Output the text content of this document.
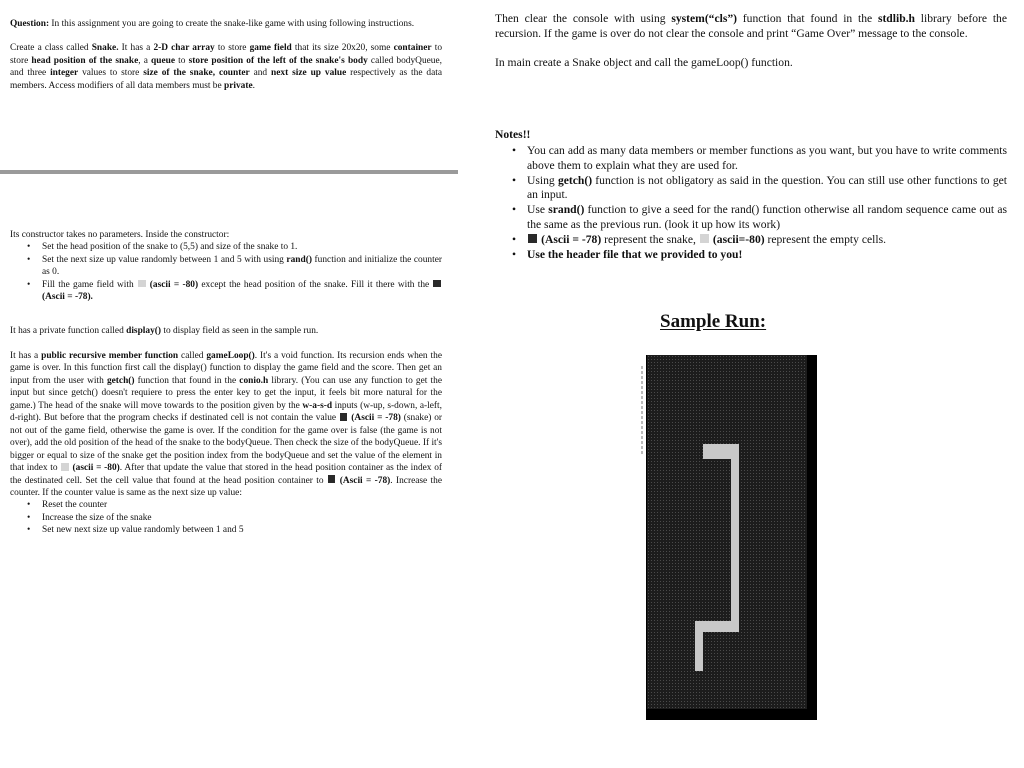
Question: In this assignment you are going to create the snake-like game with using following instructions.

Create a class called Snake. It has a 2-D char array to store game field that its size 20x20, some container to store head position of the snake, a queue to store position of the left of the snake's body called bodyQueue, and three integer values to store size of the snake, counter and next size up value respectively as the data members. Access modifiers of all data members must be private.

Its constructor takes no parameters. Inside the constructor:

• Set the head position of the snake to (5,5) and size of the snake to 1.
• Set the next size up value randomly between 1 and 5 with using rand() function and initialize the counter as 0.
• Fill the game field with  (ascii = -80) except the head position of the snake. Fill it there with the  (Ascii = -78).

It has a private function called display() to display field as seen in the sample run.

It has a public recursive member function called gameLoop(). It's a void function. Its recursion ends when the game is over. In this function first call the display() function to display the game field and the score. Then get an input from the user with getch() function that found in the conio.h library. (You can use any function to get the input but since getch() doesn't requiere to press the enter key to get the input, it feels bit more natural for the game.) The head of the snake will move towards to the position given by the w-a-s-d inputs (w-up, s-down, a-left, d-right). But before that the program checks if destinated cell is not contain the value  (Ascii = -78) (snake) or not out of the game field, otherwise the game is over. If the condition for the game over is false (the game is not over), add the old position of the head of the snake to the bodyQueue. Then check the size of the bodyQueue. If it's bigger or equal to size of the snake get the position index from the bodyQueue and set the value of the element in that index to  (ascii = -80). After that update the value that stored in the head position container as the index of the destinated cell. Set the cell value that found at the head position container to  (Ascii = -78). Increase the counter. If the counter value is same as the next size up value:

• Reset the counter
• Increase the size of the snake
• Set new next size up value randomly between 1 and 5

Then clear the console with using system(“cls”) function that found in the stdlib.h library before the recursion. If the game is over do not clear the console and print “Game Over” message to the console.

In main create a Snake object and call the gameLoop() function.

Notes!!
• You can add as many data members or member functions as you want, but you have to write comments above them to explain what they are used for.
• Using getch() function is not obligatory as said in the question. You can still use other functions to get an input.
• Use srand() function to give a seed for the rand() function otherwise all random sequence came out as the same as the previous run. (look it up how its work)
• (Ascii = -78) represent the snake,  (ascii=-80) represent the empty cells.
• Use the header file that we provided to you!
Sample Run:
